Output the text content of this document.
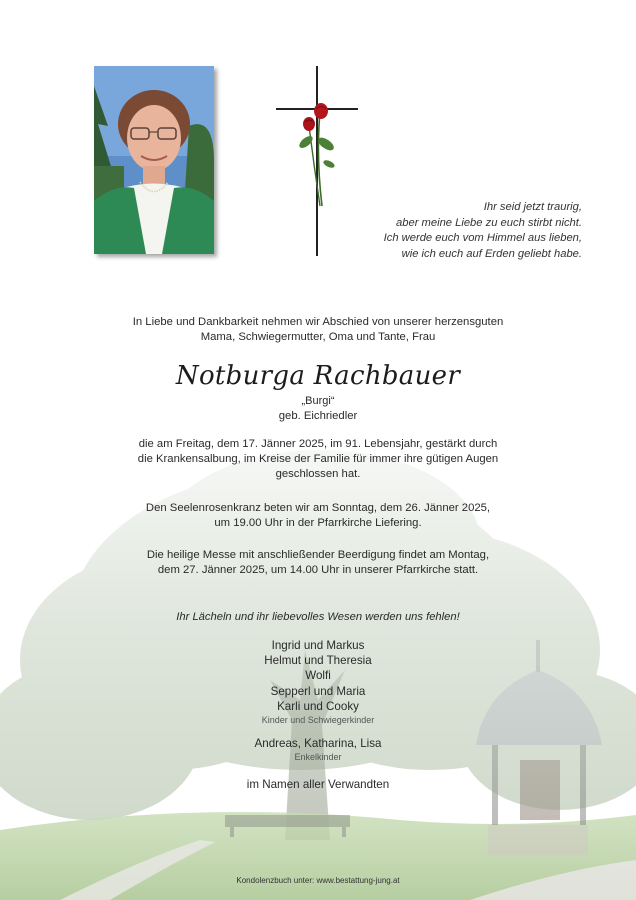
Ihr seid jetzt traurig,
aber meine Liebe zu euch stirbt nicht.
Ich werde euch vom Himmel aus lieben,
wie ich euch auf Erden geliebt habe.
In Liebe und Dankbarkeit nehmen wir Abschied von unserer herzensguten
Mama, Schwiegermutter, Oma und Tante, Frau
Notburga Rachbauer
„Burgi“
geb. Eichriedler
die am Freitag, dem 17. Jänner 2025, im 91. Lebensjahr, gestärkt durch
die Krankensalbung, im Kreise der Familie für immer ihre gütigen Augen
geschlossen hat.
Den Seelenrosenkranz beten wir am Sonntag, dem 26. Jänner 2025,
um 19.00 Uhr in der Pfarrkirche Liefering.
Die heilige Messe mit anschließender Beerdigung findet am Montag,
dem 27. Jänner 2025, um 14.00 Uhr in unserer Pfarrkirche statt.
Ihr Lächeln und ihr liebevolles Wesen werden uns fehlen!
Ingrid und Markus
Helmut und Theresia
Wolfi
Sepperl und Maria
Karli und Cooky
Kinder und Schwiegerkinder
Andreas, Katharina, Lisa
Enkelkinder
im Namen aller Verwandten
Kondolenzbuch unter: www.bestattung-jung.at
